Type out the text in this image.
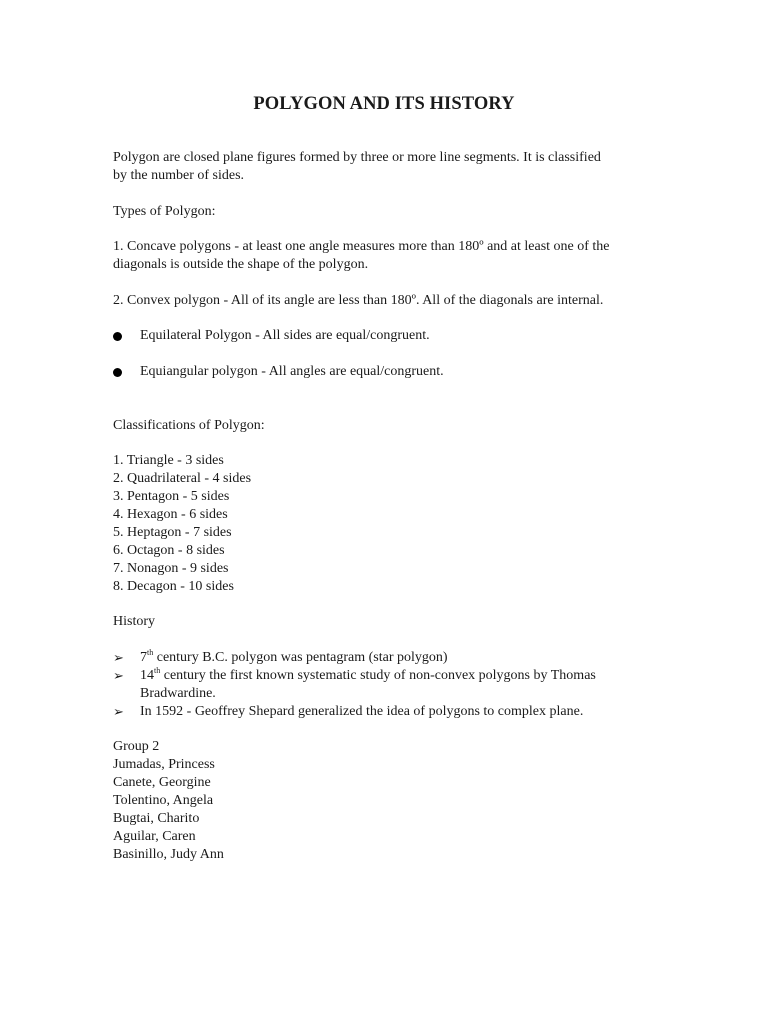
POLYGON AND ITS HISTORY
Polygon are closed plane figures formed by three or more line segments. It is classified
by the number of sides.
Types of Polygon:
1. Concave polygons - at least one angle measures more than 180º and at least one of the
diagonals is outside the shape of the polygon.
2. Convex polygon - All of its angle are less than 180º. All of the diagonals are internal.
Equilateral Polygon - All sides are equal/congruent.
Equiangular polygon - All angles are equal/congruent.
Classifications of Polygon:
1. Triangle - 3 sides
2. Quadrilateral - 4 sides
3. Pentagon - 5 sides
4. Hexagon - 6 sides
5. Heptagon - 7 sides
6. Octagon - 8 sides
7. Nonagon - 9 sides
8. Decagon - 10 sides
History
➢ 7th century B.C. polygon was pentagram (star polygon)
➢ 14th century the first known systematic study of non-convex polygons by Thomas
Bradwardine.
➢ In 1592 - Geoffrey Shepard generalized the idea of polygons to complex plane.
Group 2
Jumadas, Princess
Canete, Georgine
Tolentino, Angela
Bugtai, Charito
Aguilar, Caren
Basinillo, Judy Ann
